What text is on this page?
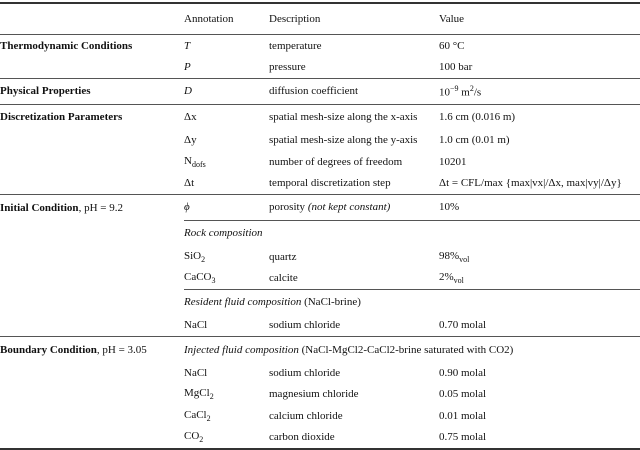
	Annotation	Description	Value
Thermodynamic Conditions	T	temperature	60 °C
	P	pressure	100 bar
Physical Properties	D	diffusion coefficient	$10^{-9}$ $m^2/s$
Discretization Parameters	Δx	spatial mesh-size along the x-axis	1.6 cm (0.016 m)
	Δy	spatial mesh-size along the y-axis	1.0 cm (0.01 m)
	$N_{dofs}$	number of degrees of freedom	10201
	Δt	temporal discretization step	Δt = CFL/max {max|vx|/Δx, max|vy|/Δy}
Initial Condition, pH = 9.2	ϕ	porosity (not kept constant)	10%
	Rock composition
	SiO$_2$	quartz	$98\%_{vol}$
	CaCO$_3$	calcite	$2\%_{vol}$
	Resident fluid composition (NaCl-brine)
	NaCl	sodium chloride	0.70 molal
Boundary Condition, pH = 3.05	Injected fluid composition (NaCl-MgCl2-CaCl2-brine saturated with CO2)
	NaCl	sodium chloride	0.90 molal
	MgCl$_2$	magnesium chloride	0.05 molal
	CaCl$_2$	calcium chloride	0.01 molal
	$CO_2$	carbon dioxide	0.75 molal
